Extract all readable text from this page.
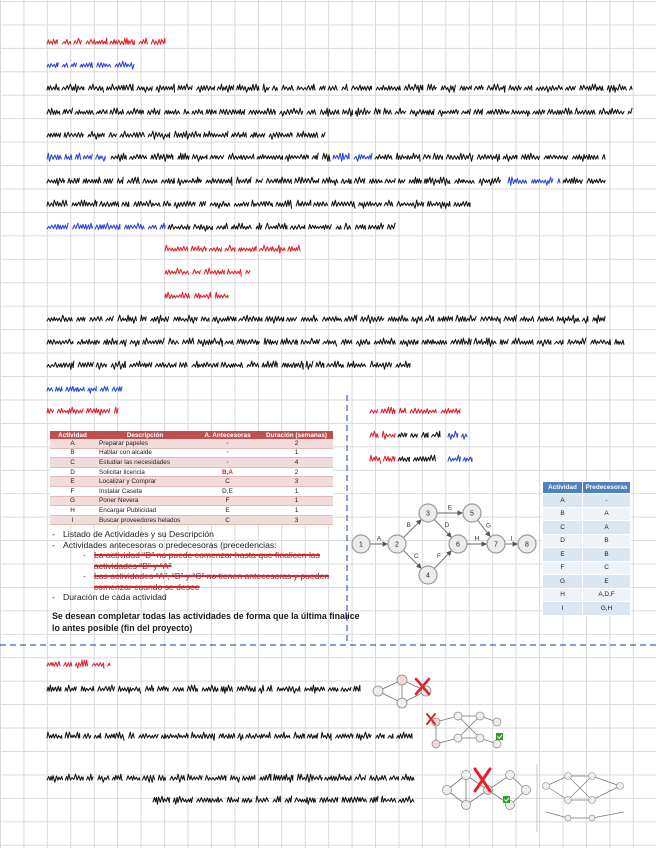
A
B
C
E
D
F
G
H	I
1	2
3
4
5
6	7	8
Actividad	Descripción	A. Antecesoras	Duración (semanas)
A	Preparar papeles	-	2
B	Hablar con alcalde	-	1
C	Estudiar las necesidades	-	4
D	Solicitar licencia	B,A	2
E	Localizar y Comprar	C	3
F	Instalar Caseta	D,E	1
G	Poner Nevera	F	1
H	Encargar Publicidad	E	1
I	Buscar proveedores helados	C	3
- Listado de Actividades y su Descripción
- Actividades antecesoras o predecesoras (precedencias:
- La actividad “D” no puede comenzar hasta que finalicen las actividades “B” y “A”
- Las actividades “A”, “B” y “C” no tienen antecesoras y pueden comenzar cuando se desee
- Duración de cada actividad
Se desean completar todas las actividades de forma que la última finalice lo antes posible (fin del proyecto)
Actividad	Predecesoras
A	-
B	A
C	A
D	B
E	B
F	C
G	E
H	A,D,F
I	G,H
